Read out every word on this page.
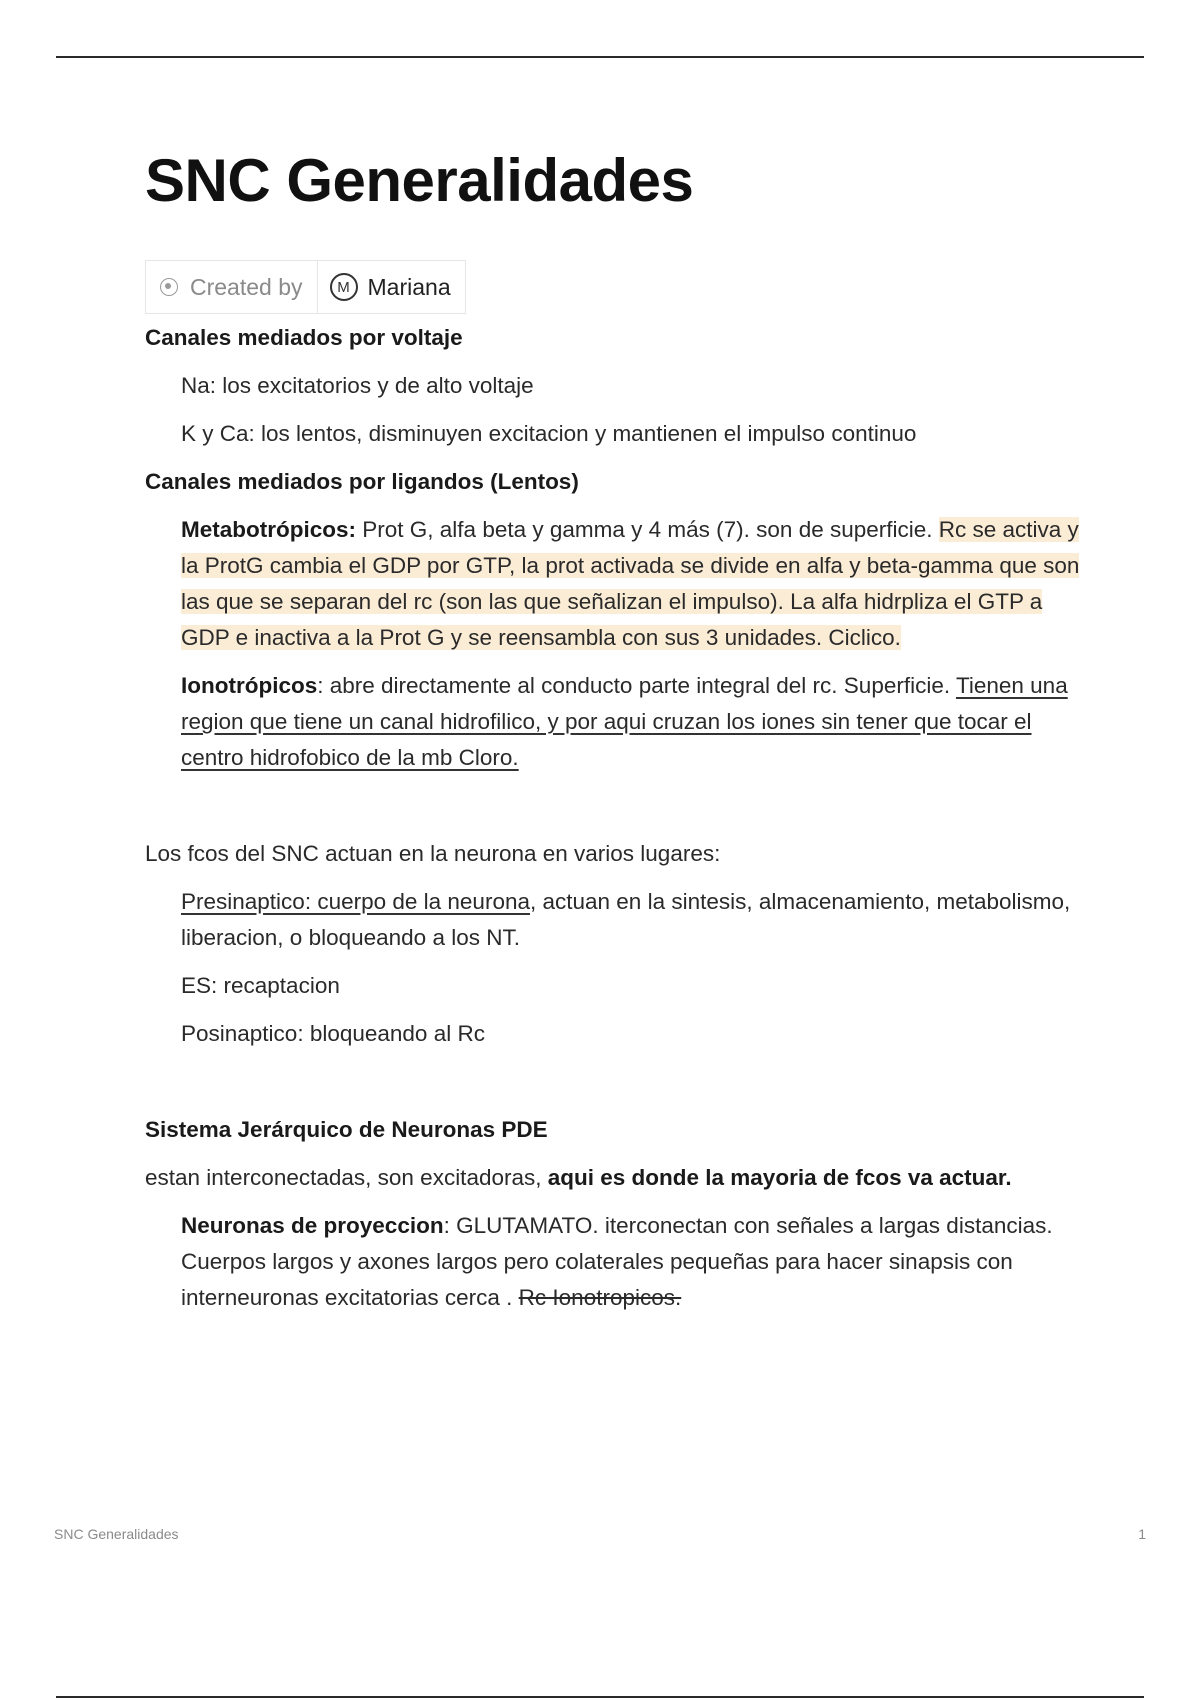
SNC Generalidades
Created by	M Mariana
Canales mediados por voltaje
Na: los excitatorios y de alto voltaje
K y Ca: los lentos, disminuyen excitacion y mantienen el impulso continuo
Canales mediados por ligandos (Lentos)
Metabotrópicos: Prot G, alfa beta y gamma y 4 más (7). son de superficie. Rc se activa y la ProtG cambia el GDP por GTP, la prot activada se divide en alfa y beta-gamma que son las que se separan del rc (son las que señalizan el impulso). La alfa hidrpliza el GTP a GDP e inactiva a la Prot G y se reensambla con sus 3 unidades. Ciclico.
Ionotrópicos: abre directamente al conducto parte integral del rc. Superficie. Tienen una region que tiene un canal hidrofilico, y por aqui cruzan los iones sin tener que tocar el centro hidrofobico de la mb Cloro.
Los fcos del SNC actuan en la neurona en varios lugares:
Presinaptico: cuerpo de la neurona, actuan en la sintesis, almacenamiento, metabolismo, liberacion, o bloqueando a los NT.
ES: recaptacion
Posinaptico: bloqueando al Rc
Sistema Jerárquico de Neuronas PDE
estan interconectadas, son excitadoras, aqui es donde la mayoria de fcos va actuar.
Neuronas de proyeccion: GLUTAMATO. iterconectan con señales a largas distancias. Cuerpos largos y axones largos pero colaterales pequeñas para hacer sinapsis con interneuronas excitatorias cerca . Rc Ionotropicos.
SNC Generalidades	1
